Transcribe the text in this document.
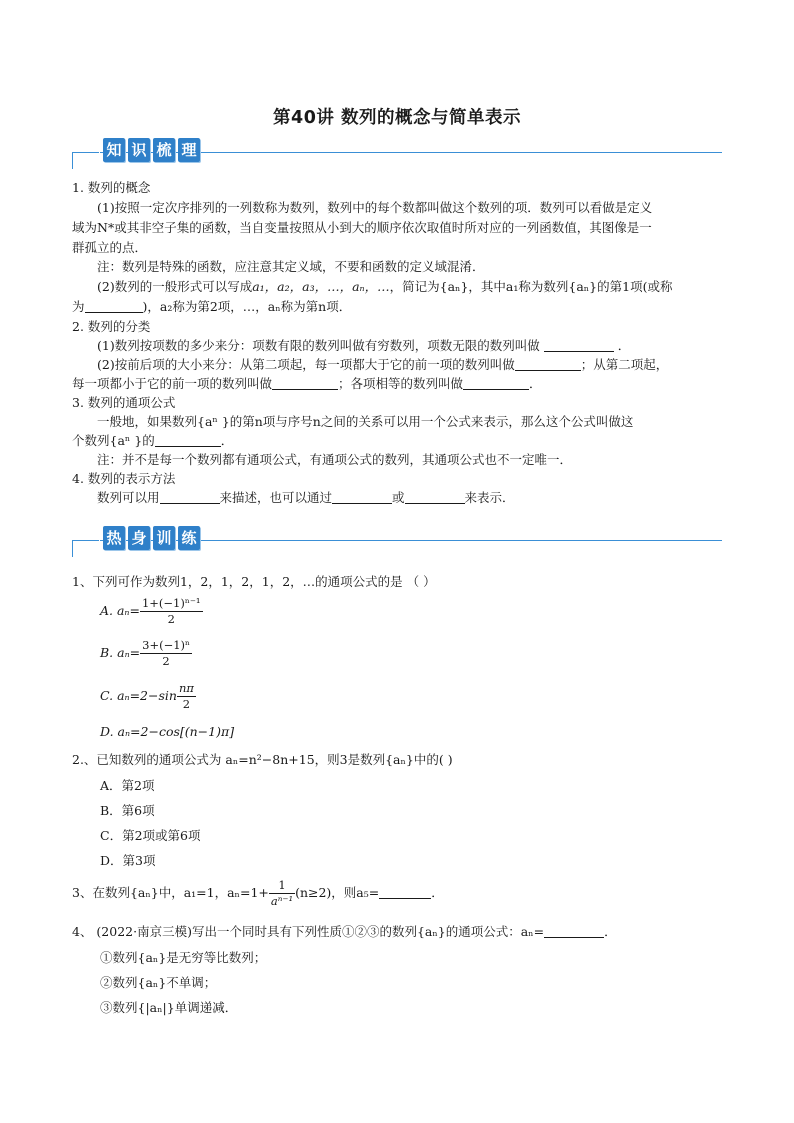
第40讲 数列的概念与简单表示
知 识 梳 理
1. 数列的概念
(1)按照一定次序排列的一列数称为数列，数列中的每个数都叫做这个数列的项．数列可以看做是定义
域为N*或其非空子集的函数，当自变量按照从小到大的顺序依次取值时所对应的一列函数值，其图像是一
群孤立的点．
注：数列是特殊的函数，应注意其定义域，不要和函数的定义域混淆．
(2)数列的一般形式可以写成a₁，a₂，a₃，…，aₙ，…，简记为{aₙ}，其中a₁称为数列{aₙ}的第1项(或称
为	)，a₂称为第2项，…，aₙ称为第n项．
2. 数列的分类
(1)数列按项数的多少来分：项数有限的数列叫做有穷数列，项数无限的数列叫做	．
(2)按前后项的大小来分：从第二项起，每一项都大于它的前一项的数列叫做	；从第二项起，
每一项都小于它的前一项的数列叫做	；各项相等的数列叫做	．
3. 数列的通项公式
一般地，如果数列{aⁿ }的第n项与序号n之间的关系可以用一个公式来表示，那么这个公式叫做这
个数列{aⁿ }的	．
注：并不是每一个数列都有通项公式，有通项公式的数列，其通项公式也不一定唯一．
4. 数列的表示方法
数列可以用	来描述，也可以通过	或	来表示．
热 身 训 练
1、下列可作为数列1，2，1，2，1，2，…的通项公式的是 （ ）
A. $a_n= \frac{\text{1+(−1)ⁿ⁻¹}}{2}$
B. $a_n= \frac{\text{3+(−1)ⁿ}}{2}$
C. $a_n=2-\sin \frac{n\pi}{2}$
D. aₙ=2−cos[(n−1)π]
2.、已知数列的通项公式为 aₙ=n²−8n+15，则3是数列{aₙ}中的( )
A．第2项
B．第6项
C．第2项或第6项
D．第3项
3、在数列{aₙ}中，a₁=1，$a_n=1+ \frac{1}{\text{aⁿ⁻¹}} (n\ge 2)$，则a₅=	．
4、 (2022·南京三模)写出一个同时具有下列性质①②③的数列{aₙ}的通项公式：aₙ=	．
①数列{aₙ}是无穷等比数列；
②数列{aₙ}不单调；
③数列{|aₙ|}单调递减．
